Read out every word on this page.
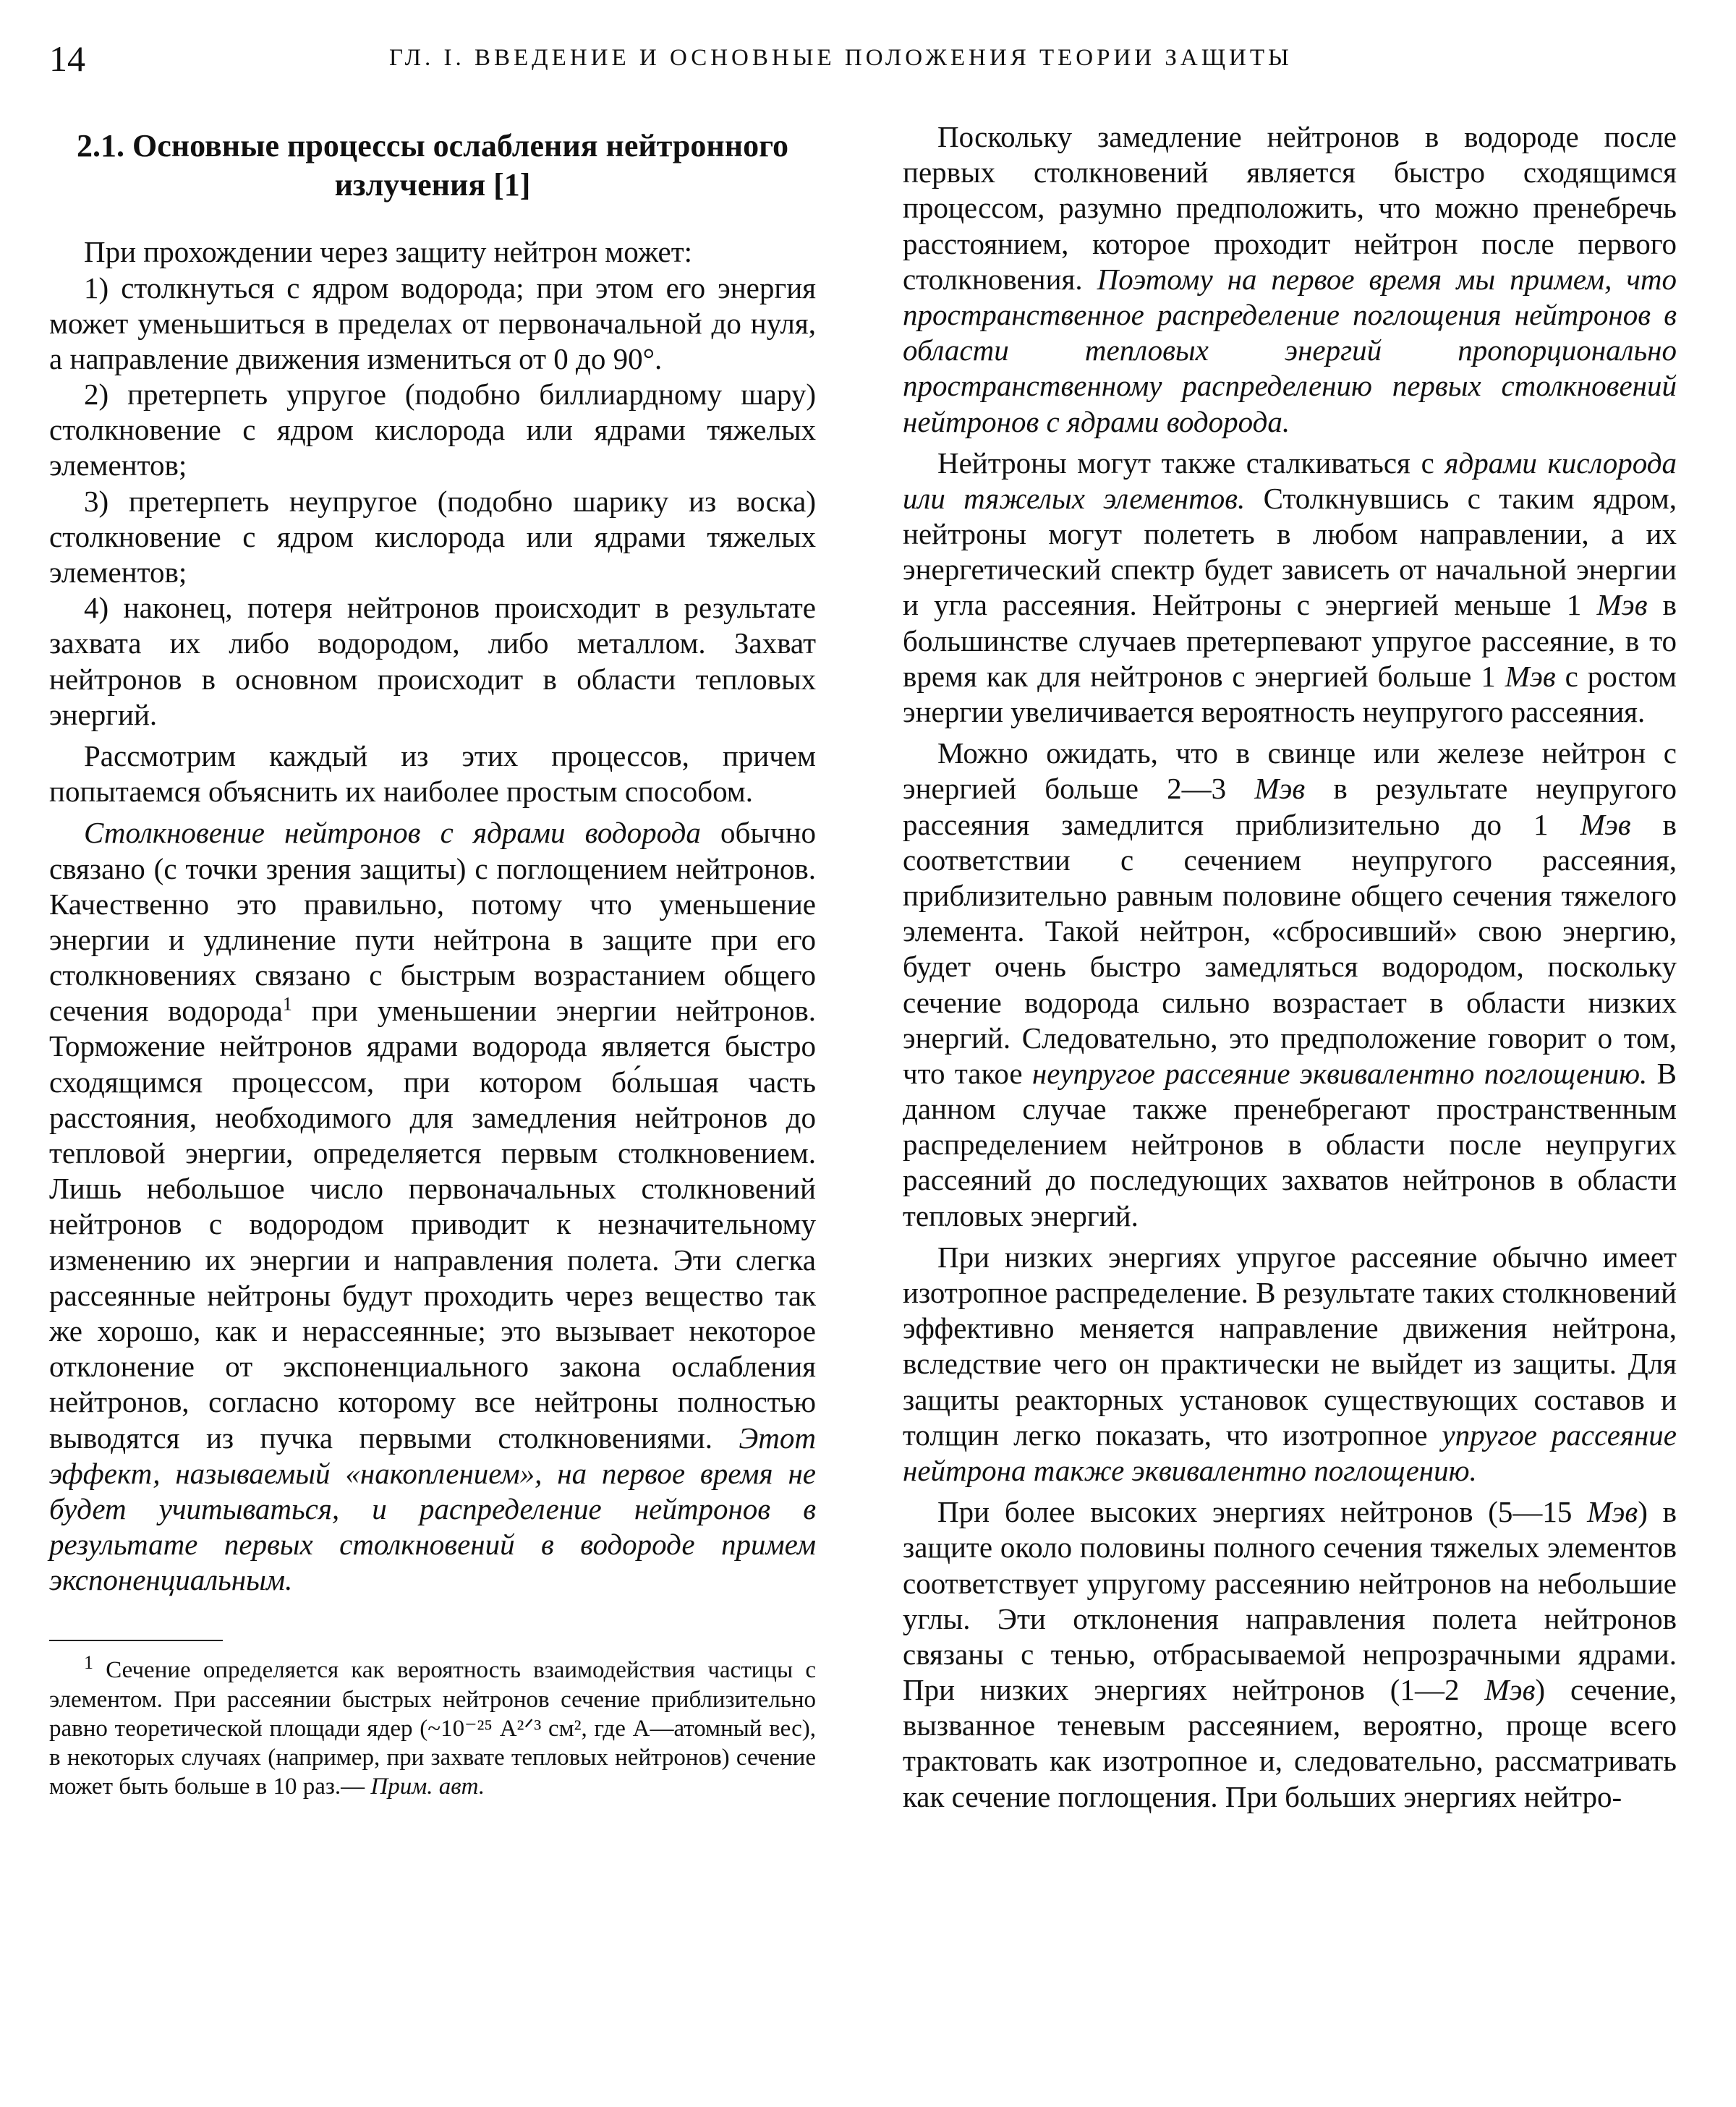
14	ГЛ. I. ВВЕДЕНИЕ И ОСНОВНЫЕ ПОЛОЖЕНИЯ ТЕОРИИ ЗАЩИТЫ
2.1. Основные процессы ослабления нейтронного излучения [1]

При прохождении через защиту нейтрон может:

1) столкнуться с ядром водорода; при этом его энергия может уменьшиться в пределах от первоначальной до нуля, а направление движения измениться от 0 до 90°.

2) претерпеть упругое (подобно биллиардному шару) столкновение с ядром кислорода или ядрами тяжелых элементов;

3) претерпеть неупругое (подобно шарику из воска) столкновение с ядром кислорода или ядрами тяжелых элементов;

4) наконец, потеря нейтронов происходит в результате захвата их либо водородом, либо металлом. Захват нейтронов в основном происходит в области тепловых энергий.

Рассмотрим каждый из этих процессов, причем попытаемся объяснить их наиболее простым способом.

Столкновение нейтронов с ядрами водорода обычно связано (с точки зрения защиты) с поглощением нейтронов. Качественно это правильно, потому что уменьшение энергии и удлинение пути нейтрона в защите при его столкновениях связано с быстрым возрастанием общего сечения водорода$^1$ при уменьшении энергии нейтронов. Торможение нейтронов ядрами водорода является быстро сходящимся процессом, при котором бо́льшая часть расстояния, необходимого для замедления нейтронов до тепловой энергии, определяется первым столкновением. Лишь небольшое число первоначальных столкновений нейтронов с водородом приводит к незначительному изменению их энергии и направления полета. Эти слегка рассеянные нейтроны будут проходить через вещество так же хорошо, как и нерассеянные; это вызывает некоторое отклонение от экспоненциального закона ослабления нейтронов, согласно которому все нейтроны полностью выводятся из пучка первыми столкновениями. Этот эффект, называемый «накоплением», на первое время не будет учитываться, и распределение нейтронов в результате первых столкновений в водороде примем экспоненциальным.

$^1$ Сечение определяется как вероятность взаимодействия частицы с элементом. При рассеянии быстрых нейтронов сечение приблизительно равно теоретической площади ядер (~10⁻²⁵ A²ᐟ³ см², где A—атомный вес), в некоторых случаях (например, при захвате тепловых нейтронов) сечение может быть больше в 10 раз.— Прим. авт.

Поскольку замедление нейтронов в водороде после первых столкновений является быстро сходящимся процессом, разумно предположить, что можно пренебречь расстоянием, которое проходит нейтрон после первого столкновения. Поэтому на первое время мы примем, что пространственное распределение поглощения нейтронов в области тепловых энергий пропорционально пространственному распределению первых столкновений нейтронов с ядрами водорода.

Нейтроны могут также сталкиваться с ядрами кислорода или тяжелых элементов. Столкнувшись с таким ядром, нейтроны могут полететь в любом направлении, а их энергетический спектр будет зависеть от начальной энергии и угла рассеяния. Нейтроны с энергией меньше 1 Мэв в большинстве случаев претерпевают упругое рассеяние, в то время как для нейтронов с энергией больше 1 Мэв с ростом энергии увеличивается вероятность неупругого рассеяния.

Можно ожидать, что в свинце или железе нейтрон с энергией больше 2—3 Мэв в результате неупругого рассеяния замедлится приблизительно до 1 Мэв в соответствии с сечением неупругого рассеяния, приблизительно равным половине общего сечения тяжелого элемента. Такой нейтрон, «сбросивший» свою энергию, будет очень быстро замедляться водородом, поскольку сечение водорода сильно возрастает в области низких энергий. Следовательно, это предположение говорит о том, что такое неупругое рассеяние эквивалентно поглощению. В данном случае также пренебрегают пространственным распределением нейтронов в области после неупругих рассеяний до последующих захватов нейтронов в области тепловых энергий.

При низких энергиях упругое рассеяние обычно имеет изотропное распределение. В результате таких столкновений эффективно меняется направление движения нейтрона, вследствие чего он практически не выйдет из защиты. Для защиты реакторных установок существующих составов и толщин легко показать, что изотропное упругое рассеяние нейтрона также эквивалентно поглощению.

При более высоких энергиях нейтронов (5—15 Мэв) в защите около половины полного сечения тяжелых элементов соответствует упругому рассеянию нейтронов на небольшие углы. Эти отклонения направления полета нейтронов связаны с тенью, отбрасываемой непрозрачными ядрами. При низких энергиях нейтронов (1—2 Мэв) сечение, вызванное теневым рассеянием, вероятно, проще всего трактовать как изотропное и, следовательно, рассматривать как сечение поглощения. При больших энергиях нейтро-
